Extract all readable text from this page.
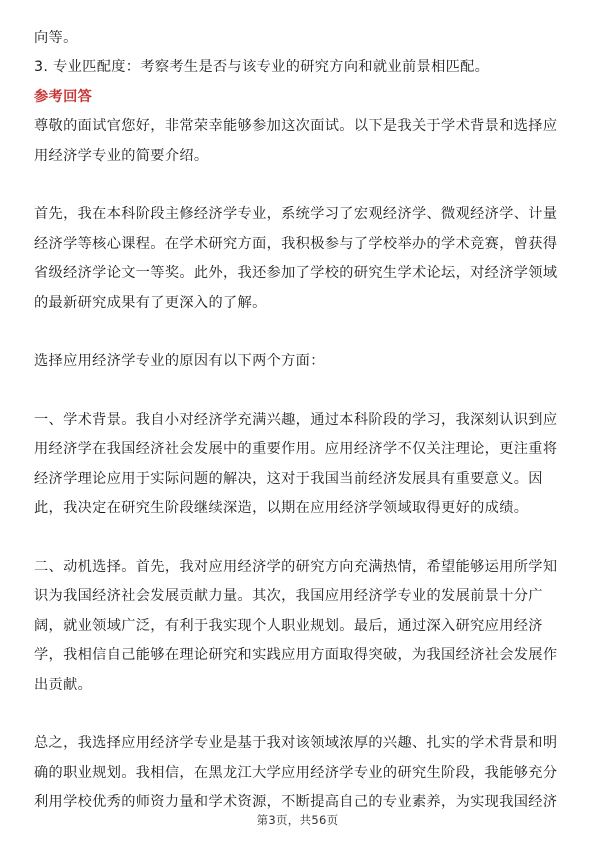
向等。
3. 专业匹配度：考察考生是否与该专业的研究方向和就业前景相匹配。
参考回答
尊敬的面试官您好，非常荣幸能够参加这次面试。以下是我关于学术背景和选择应
用经济学专业的简要介绍。
首先，我在本科阶段主修经济学专业，系统学习了宏观经济学、微观经济学、计量
经济学等核心课程。在学术研究方面，我积极参与了学校举办的学术竞赛，曾获得
省级经济学论文一等奖。此外，我还参加了学校的研究生学术论坛，对经济学领域
的最新研究成果有了更深入的了解。
选择应用经济学专业的原因有以下两个方面：
一、学术背景。我自小对经济学充满兴趣，通过本科阶段的学习，我深刻认识到应
用经济学在我国经济社会发展中的重要作用。应用经济学不仅关注理论，更注重将
经济学理论应用于实际问题的解决，这对于我国当前经济发展具有重要意义。因
此，我决定在研究生阶段继续深造，以期在应用经济学领域取得更好的成绩。
二、动机选择。首先，我对应用经济学的研究方向充满热情，希望能够运用所学知
识为我国经济社会发展贡献力量。其次，我国应用经济学专业的发展前景十分广
阔，就业领域广泛，有利于我实现个人职业规划。最后，通过深入研究应用经济
学，我相信自己能够在理论研究和实践应用方面取得突破，为我国经济社会发展作
出贡献。
总之，我选择应用经济学专业是基于我对该领域浓厚的兴趣、扎实的学术背景和明
确的职业规划。我相信，在黑龙江大学应用经济学专业的研究生阶段，我能够充分
利用学校优秀的师资力量和学术资源，不断提高自己的专业素养，为实现我国经济
第3页，共56页
